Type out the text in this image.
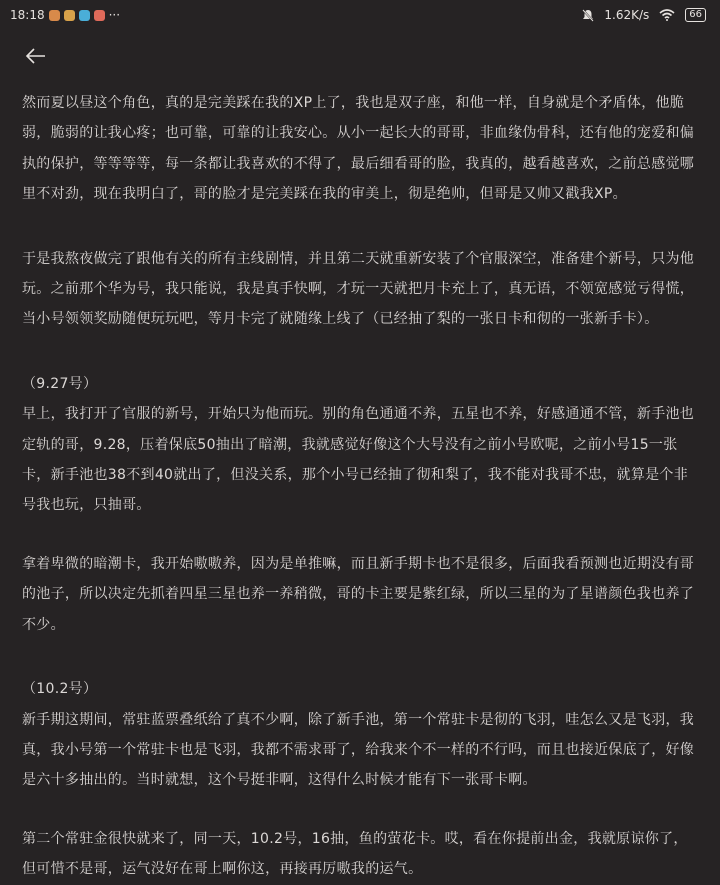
18:18	···	1.62K/s	66

然而夏以昼这个角色，真的是完美踩在我的XP上了，我也是双子座，和他一样，自身就是个矛盾体，他脆弱，脆弱的让我心疼；也可靠，可靠的让我安心。从小一起长大的哥哥，非血缘伪骨科，还有他的宠爱和偏执的保护，等等等等，每一条都让我喜欢的不得了，最后细看哥的脸，我真的，越看越喜欢，之前总感觉哪里不对劲，现在我明白了，哥的脸才是完美踩在我的审美上，彻是绝帅，但哥是又帅又戳我XP。

于是我熬夜做完了跟他有关的所有主线剧情，并且第二天就重新安装了个官服深空，准备建个新号，只为他玩。之前那个华为号，我只能说，我是真手快啊，才玩一天就把月卡充上了，真无语，不领宽感觉亏得慌，当小号领领奖励随便玩玩吧，等月卡完了就随缘上线了（已经抽了梨的一张日卡和彻的一张新手卡）。

（9.27号）

早上，我打开了官服的新号，开始只为他而玩。别的角色通通不养，五星也不养，好感通通不管，新手池也定轨的哥，9.28，压着保底50抽出了暗潮，我就感觉好像这个大号没有之前小号欧呢，之前小号15一张卡，新手池也38不到40就出了，但没关系，那个小号已经抽了彻和梨了，我不能对我哥不忠，就算是个非号我也玩，只抽哥。

拿着卑微的暗潮卡，我开始嗷嗷养，因为是单推嘛，而且新手期卡也不是很多，后面我看预测也近期没有哥的池子，所以决定先抓着四星三星也养一养稍微，哥的卡主要是紫红绿，所以三星的为了星谱颜色我也养了不少。

（10.2号）

新手期这期间，常驻蓝票叠纸给了真不少啊，除了新手池，第一个常驻卡是彻的飞羽，哇怎么又是飞羽，我真，我小号第一个常驻卡也是飞羽，我都不需求哥了，给我来个不一样的不行吗，而且也接近保底了，好像是六十多抽出的。当时就想，这个号挺非啊，这得什么时候才能有下一张哥卡啊。

第二个常驻金很快就来了，同一天，10.2号，16抽，鱼的萤花卡。哎，看在你提前出金，我就原谅你了，但可惜不是哥，运气没好在哥上啊你这，再接再厉嗷我的运气。
